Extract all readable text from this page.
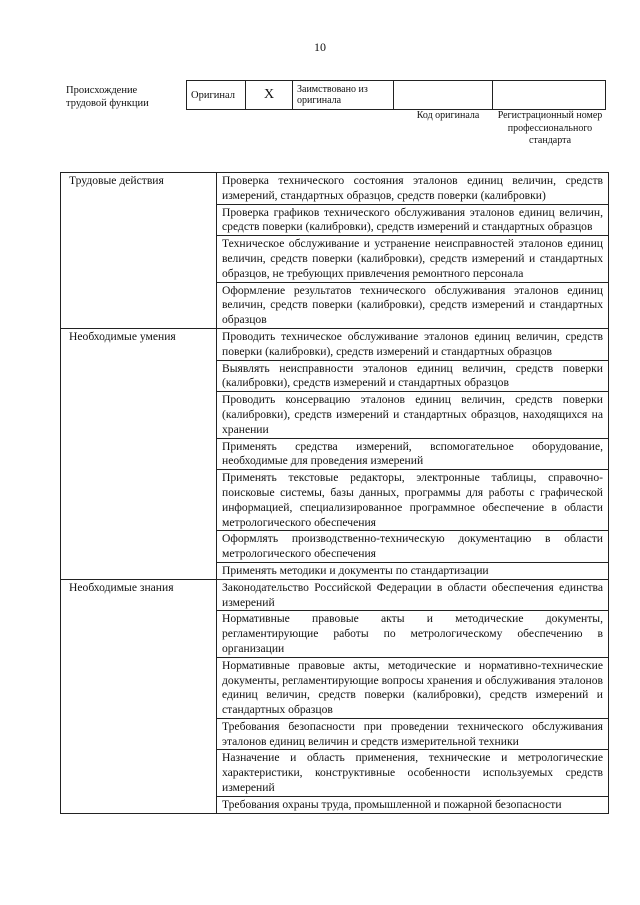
10
Происхождение трудовой функции
Оригинал	X	Заимствовано из оригинала		
Код оригинала	Регистрационный номер профессионального стандарта
Трудовые действия	Проверка технического состояния эталонов единиц величин, средств измерений, стандартных образцов, средств поверки (калибровки)
	Проверка графиков технического обслуживания эталонов единиц величин, средств поверки (калибровки), средств измерений и стандартных образцов
	Техническое обслуживание и устранение неисправностей эталонов единиц величин, средств поверки (калибровки), средств измерений и стандартных образцов, не требующих привлечения ремонтного персонала
	Оформление результатов технического обслуживания эталонов единиц величин, средств поверки (калибровки), средств измерений и стандартных образцов
Необходимые умения	Проводить техническое обслуживание эталонов единиц величин, средств поверки (калибровки), средств измерений и стандартных образцов
	Выявлять неисправности эталонов единиц величин, средств поверки (калибровки), средств измерений и стандартных образцов
	Проводить консервацию эталонов единиц величин, средств поверки (калибровки), средств измерений и стандартных образцов, находящихся на хранении
	Применять средства измерений, вспомогательное оборудование, необходимые для проведения измерений
	Применять текстовые редакторы, электронные таблицы, справочно-поисковые системы, базы данных, программы для работы с графической информацией, специализированное программное обеспечение в области метрологического обеспечения
	Оформлять производственно-техническую документацию в области метрологического обеспечения
	Применять методики и документы по стандартизации
Необходимые знания	Законодательство Российской Федерации в области обеспечения единства измерений
	Нормативные правовые акты и методические документы, регламентирующие работы по метрологическому обеспечению в организации
	Нормативные правовые акты, методические и нормативно-технические документы, регламентирующие вопросы хранения и обслуживания эталонов единиц величин, средств поверки (калибровки), средств измерений и стандартных образцов
	Требования безопасности при проведении технического обслуживания эталонов единиц величин и средств измерительной техники
	Назначение и область применения, технические и метрологические характеристики, конструктивные особенности используемых средств измерений
	Требования охраны труда, промышленной и пожарной безопасности
